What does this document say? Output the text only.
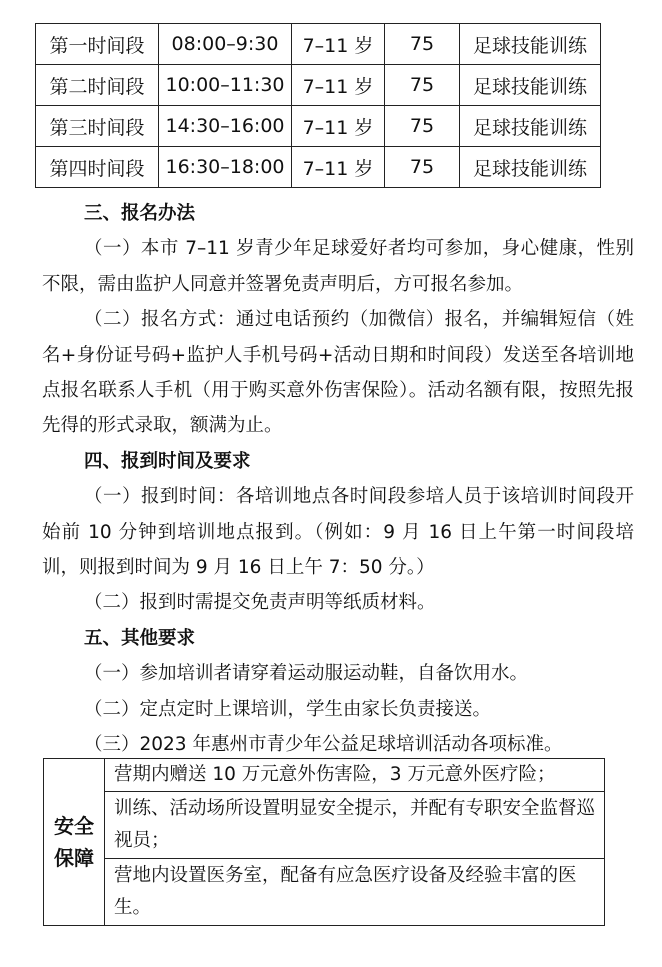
第一时间段	08:00–9:30	7–11 岁	75	足球技能训练
第二时间段	10:00–11:30	7–11 岁	75	足球技能训练
第三时间段	14:30–16:00	7–11 岁	75	足球技能训练
第四时间段	16:30–18:00	7–11 岁	75	足球技能训练
三、报名办法

（一）本市 7–11 岁青少年足球爱好者均可参加，身心健康，性别不限，需由监护人同意并签署免责声明后，方可报名参加。

（二）报名方式：通过电话预约（加微信）报名，并编辑短信（姓名+身份证号码+监护人手机号码+活动日期和时间段）发送至各培训地点报名联系人手机（用于购买意外伤害保险）。活动名额有限，按照先报先得的形式录取，额满为止。

四、报到时间及要求

（一）报到时间：各培训地点各时间段参培人员于该培训时间段开始前 10 分钟到培训地点报到。（例如：9 月 16 日上午第一时间段培训，则报到时间为 9 月 16 日上午 7：50 分。）

（二）报到时需提交免责声明等纸质材料。

五、其他要求

（一）参加培训者请穿着运动服运动鞋，自备饮用水。

（二）定点定时上课培训，学生由家长负责接送。

（三）2023 年惠州市青少年公益足球培训活动各项标准。

安全
保障
	营期内赠送 10 万元意外伤害险，3 万元意外医疗险；
训练、活动场所设置明显安全提示，并配有专职安全监督巡视员；
营地内设置医务室，配备有应急医疗设备及经验丰富的医生。
